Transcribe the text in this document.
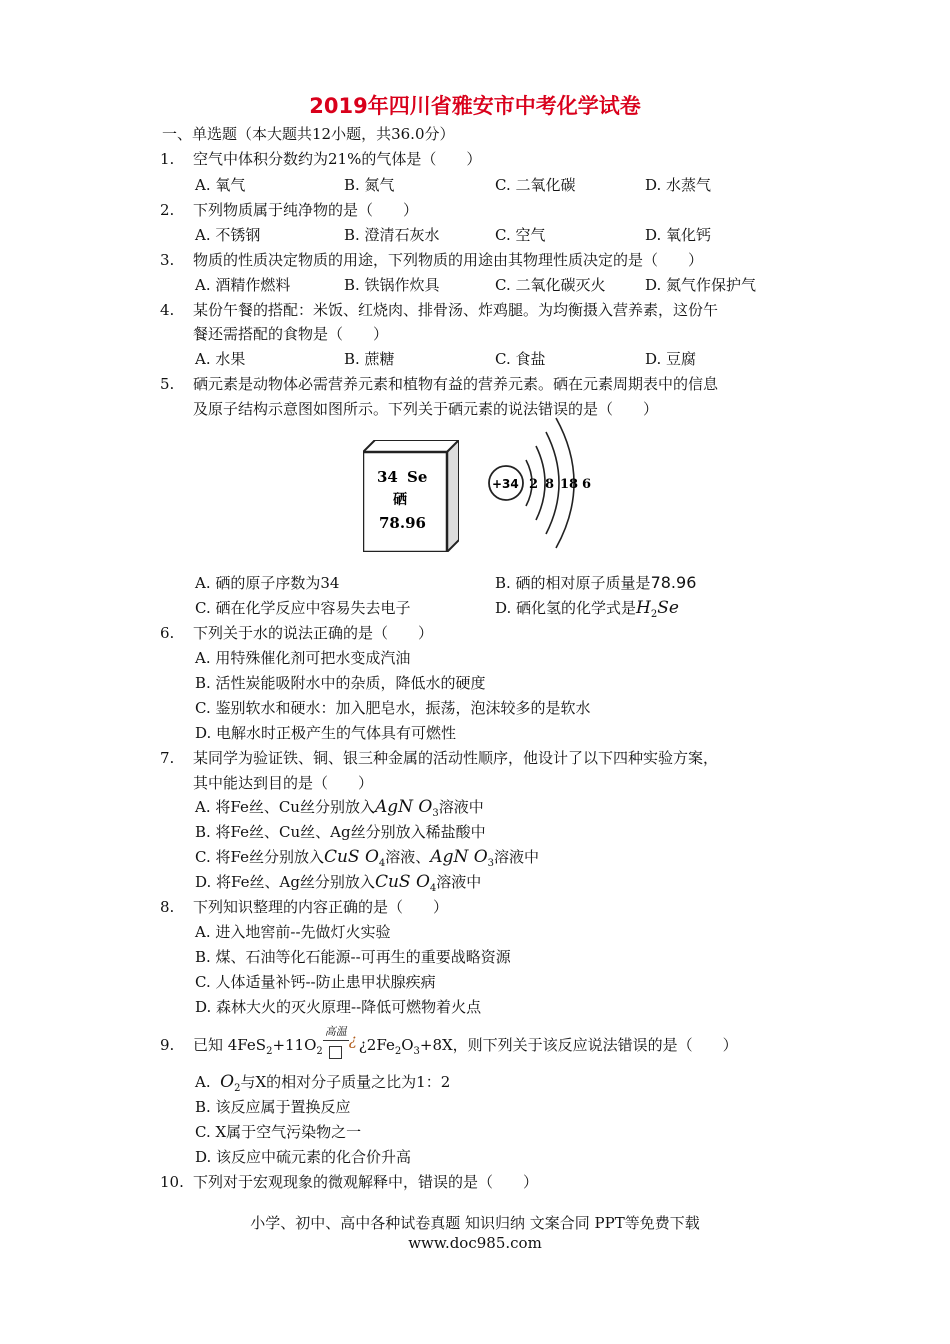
2019年四川省雅安市中考化学试卷
一、单选题（本大题共12小题，共36.0分）
1. 空气中体积分数约为21%的气体是（　　）
A. 氧气	B. 氮气	C. 二氧化碳	D. 水蒸气
2. 下列物质属于纯净物的是（　　）
A. 不锈钢	B. 澄清石灰水	C. 空气	D. 氧化钙
3. 物质的性质决定物质的用途，下列物质的用途由其物理性质决定的是（　　）
A. 酒精作燃料	B. 铁锅作炊具	C. 二氧化碳灭火	D. 氮气作保护气
4. 某份午餐的搭配：米饭、红烧肉、排骨汤、炸鸡腿。为均衡摄入营养素，这份午
餐还需搭配的食物是（　　）
A. 水果	B. 蔗糖	C. 食盐	D. 豆腐
5. 硒元素是动物体必需营养元素和植物有益的营养元素。硒在元素周期表中的信息
及原子结构示意图如图所示。下列关于硒元素的说法错误的是（　　）
34 Se
硒
78.96
+34 2 8 18 6
A. 硒的原子序数为34	B. 硒的相对原子质量是78.96
C. 硒在化学反应中容易失去电子	D. 硒化氢的化学式是$H_2Se$
6. 下列关于水的说法正确的是（　　）
A. 用特殊催化剂可把水变成汽油
B. 活性炭能吸附水中的杂质，降低水的硬度
C. 鉴别软水和硬水：加入肥皂水，振荡，泡沫较多的是软水
D. 电解水时正极产生的气体具有可燃性
7. 某同学为验证铁、铜、银三种金属的活动性顺序，他设计了以下四种实验方案，
其中能达到目的是（　　）
A. 将Fe丝、Cu丝分别放入AgN $O_3$溶液中
B. 将Fe丝、Cu丝、Ag丝分别放入稀盐酸中
C. 将Fe丝分别放入CuS $O_4$溶液、AgN $O_3$溶液中
D. 将Fe丝、Ag丝分别放入CuS $O_4$溶液中
8. 下列知识整理的内容正确的是（　　）
A. 进入地窖前--先做灯火实验
B. 煤、石油等化石能源--可再生的重要战略资源
C. 人体适量补钙--防止患甲状腺疾病
D. 森林大火的灭火原理--降低可燃物着火点
9. 已知 $4FeS_2+11O_2$
高温 ¿ ¿$2Fe_2O_3+8X$，则下列关于该反应说法错误的是（　　）
A. $O_2$与X的相对分子质量之比为1：2
B. 该反应属于置换反应
C. X属于空气污染物之一
D. 该反应中硫元素的化合价升高
10. 下列对于宏观现象的微观解释中，错误的是（　　）
小学、初中、高中各种试卷真题 知识归纳 文案合同 PPT等免费下载
www.doc985.com
